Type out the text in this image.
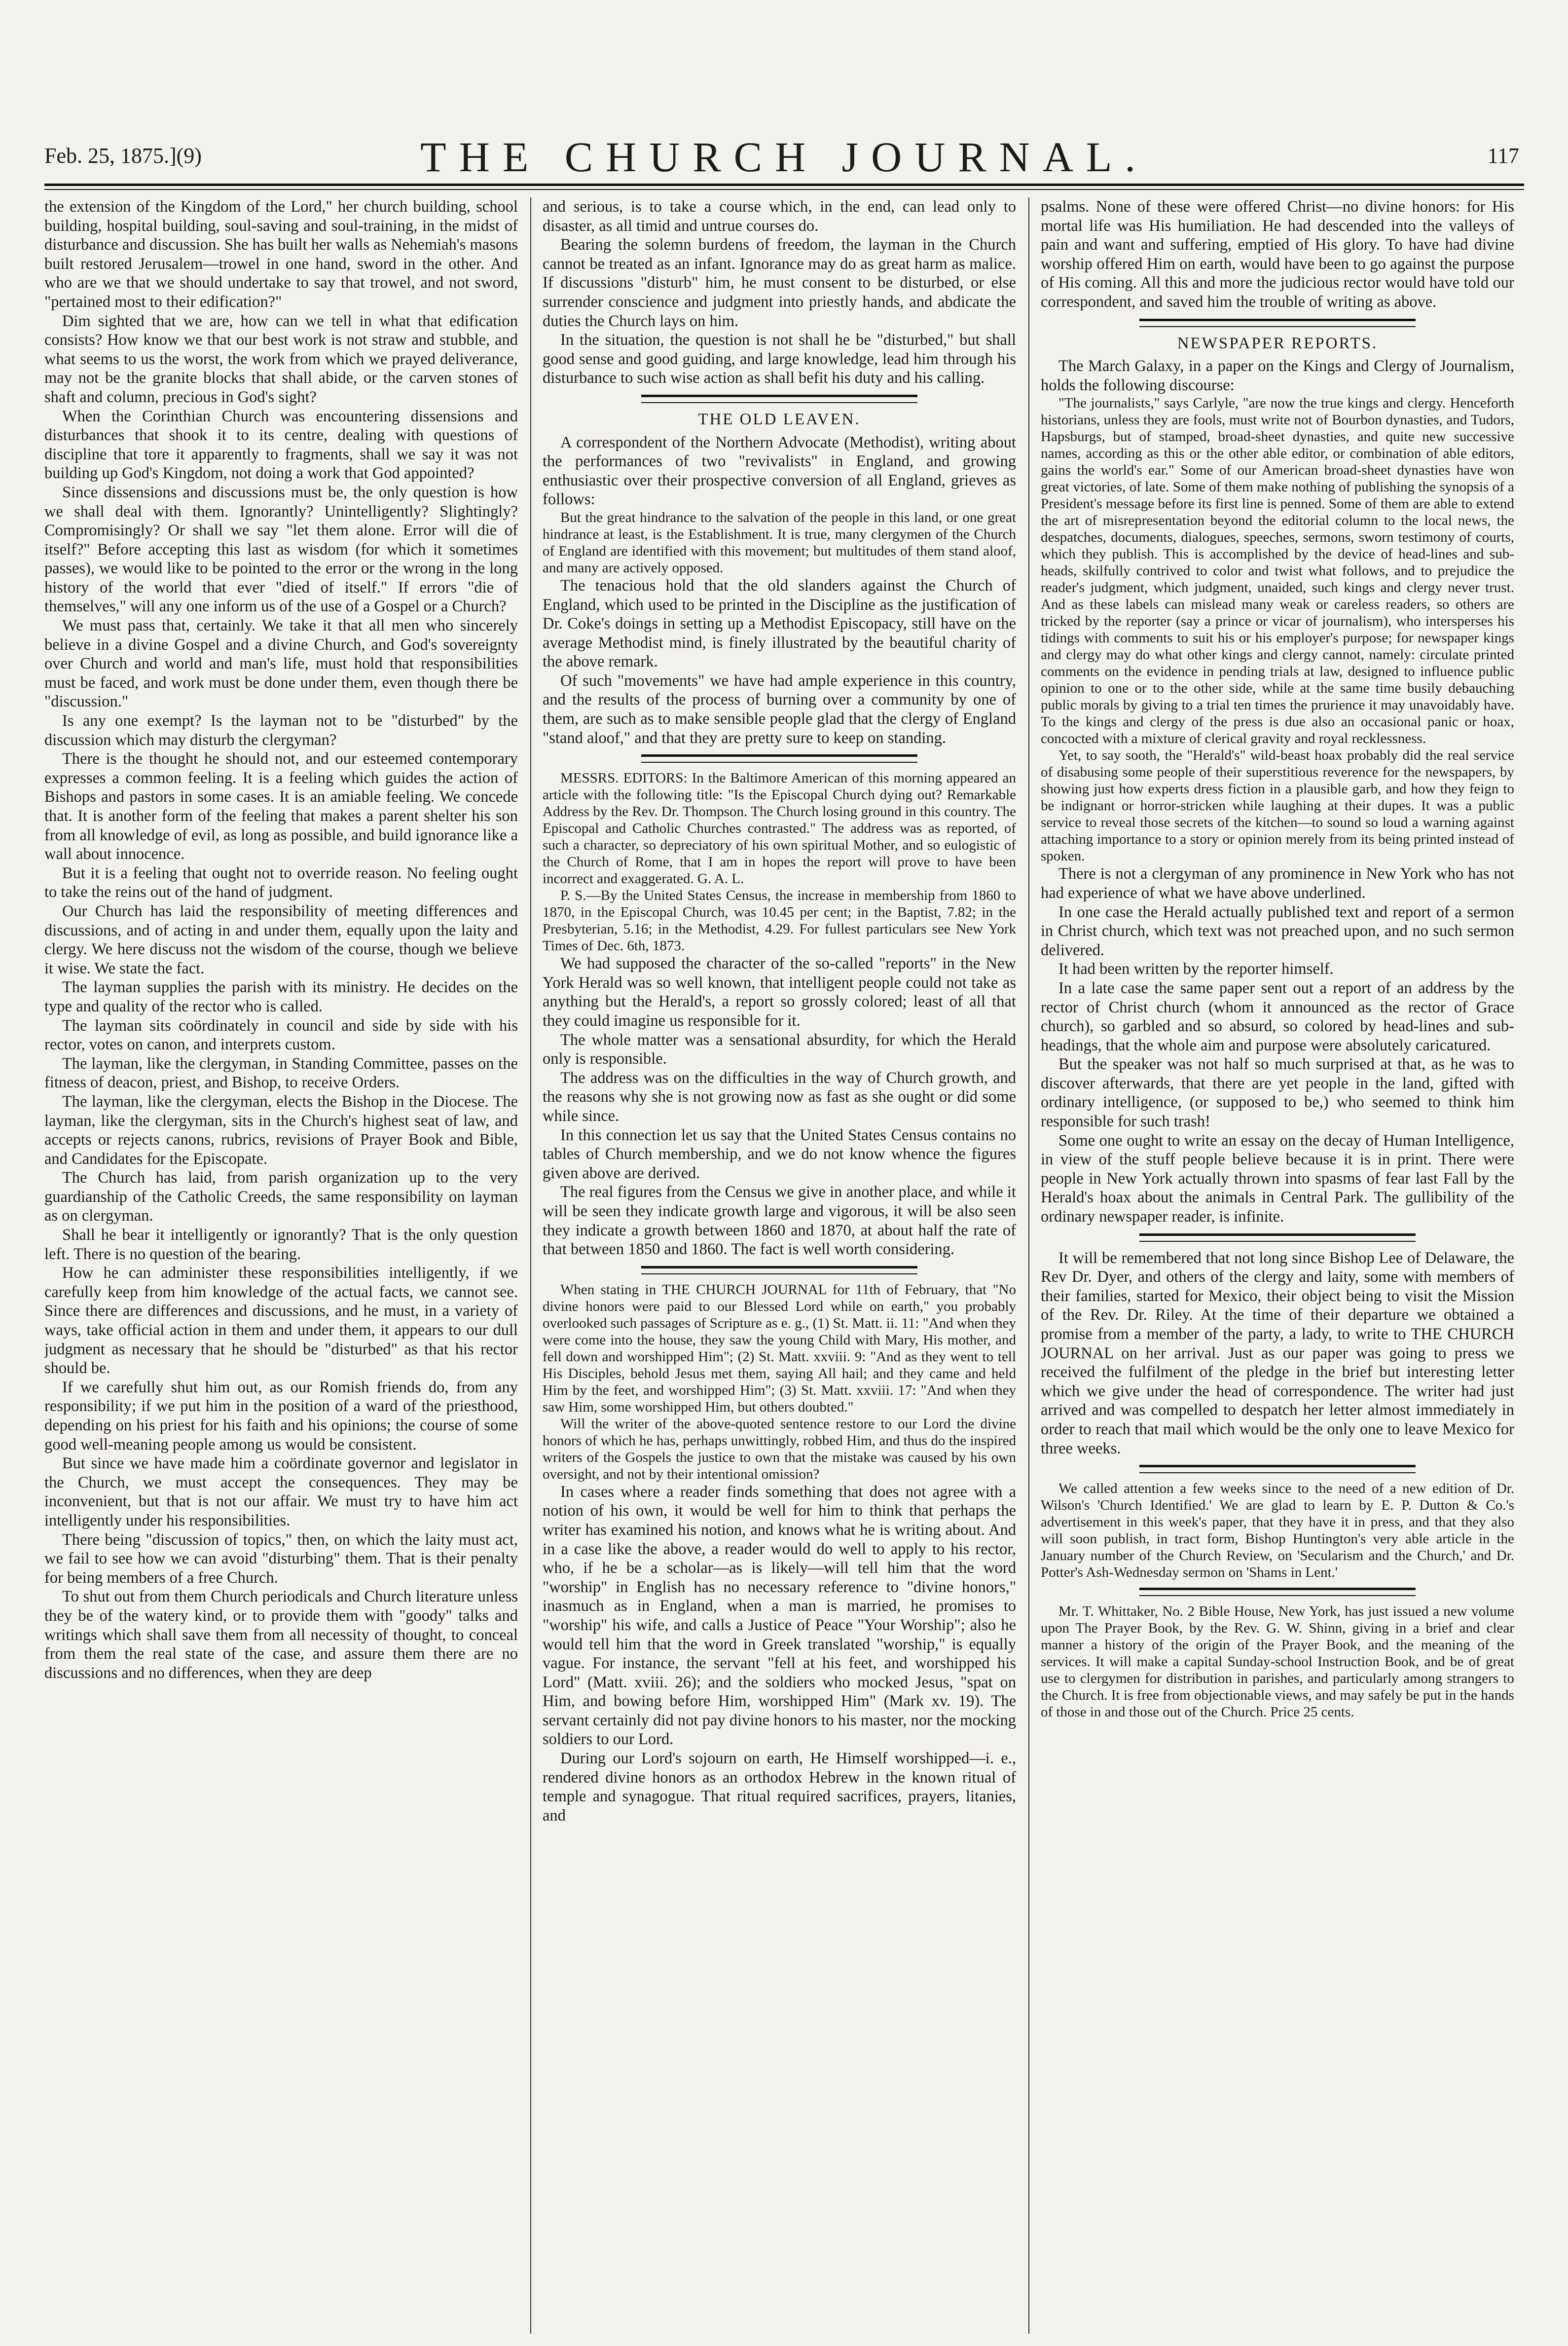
Feb. 25, 1875.](9)	THE CHURCH JOURNAL.	117

the extension of the Kingdom of the Lord," her church building, school building, hospital building, soul-saving and soul-training, in the midst of disturbance and discussion. She has built her walls as Nehemiah's masons built restored Jerusalem—trowel in one hand, sword in the other. And who are we that we should undertake to say that trowel, and not sword, "pertained most to their edification?"

Dim sighted that we are, how can we tell in what that edification consists? How know we that our best work is not straw and stubble, and what seems to us the worst, the work from which we prayed deliverance, may not be the granite blocks that shall abide, or the carven stones of shaft and column, precious in God's sight?

When the Corinthian Church was encountering dissensions and disturbances that shook it to its centre, dealing with questions of discipline that tore it apparently to fragments, shall we say it was not building up God's Kingdom, not doing a work that God appointed?

Since dissensions and discussions must be, the only question is how we shall deal with them. Ignorantly? Unintelligently? Slightingly? Compromisingly? Or shall we say "let them alone. Error will die of itself?" Before accepting this last as wisdom (for which it sometimes passes), we would like to be pointed to the error or the wrong in the long history of the world that ever "died of itself." If errors "die of themselves," will any one inform us of the use of a Gospel or a Church?

We must pass that, certainly. We take it that all men who sincerely believe in a divine Gospel and a divine Church, and God's sovereignty over Church and world and man's life, must hold that responsibilities must be faced, and work must be done under them, even though there be "discussion."

Is any one exempt? Is the layman not to be "disturbed" by the discussion which may disturb the clergyman?

There is the thought he should not, and our esteemed contemporary expresses a common feeling. It is a feeling which guides the action of Bishops and pastors in some cases. It is an amiable feeling. We concede that. It is another form of the feeling that makes a parent shelter his son from all knowledge of evil, as long as possible, and build ignorance like a wall about innocence.

But it is a feeling that ought not to override reason. No feeling ought to take the reins out of the hand of judgment.

Our Church has laid the responsibility of meeting differences and discussions, and of acting in and under them, equally upon the laity and clergy. We here discuss not the wisdom of the course, though we believe it wise. We state the fact.

The layman supplies the parish with its ministry. He decides on the type and quality of the rector who is called.

The layman sits coördinately in council and side by side with his rector, votes on canon, and interprets custom.

The layman, like the clergyman, in Standing Committee, passes on the fitness of deacon, priest, and Bishop, to receive Orders.

The layman, like the clergyman, elects the Bishop in the Diocese. The layman, like the clergyman, sits in the Church's highest seat of law, and accepts or rejects canons, rubrics, revisions of Prayer Book and Bible, and Candidates for the Episcopate.

The Church has laid, from parish organization up to the very guardianship of the Catholic Creeds, the same responsibility on layman as on clergyman.

Shall he bear it intelligently or ignorantly? That is the only question left. There is no question of the bearing.

How he can administer these responsibilities intelligently, if we carefully keep from him knowledge of the actual facts, we cannot see. Since there are differences and discussions, and he must, in a variety of ways, take official action in them and under them, it appears to our dull judgment as necessary that he should be "disturbed" as that his rector should be.

If we carefully shut him out, as our Romish friends do, from any responsibility; if we put him in the position of a ward of the priesthood, depending on his priest for his faith and his opinions; the course of some good well-meaning people among us would be consistent.

But since we have made him a coördinate governor and legislator in the Church, we must accept the consequences. They may be inconvenient, but that is not our affair. We must try to have him act intelligently under his responsibilities.

There being "discussion of topics," then, on which the laity must act, we fail to see how we can avoid "disturbing" them. That is their penalty for being members of a free Church.

To shut out from them Church periodicals and Church literature unless they be of the watery kind, or to provide them with "goody" talks and writings which shall save them from all necessity of thought, to conceal from them the real state of the case, and assure them there are no discussions and no differences, when they are deep

and serious, is to take a course which, in the end, can lead only to disaster, as all timid and untrue courses do.

Bearing the solemn burdens of freedom, the layman in the Church cannot be treated as an infant. Ignorance may do as great harm as malice. If discussions "disturb" him, he must consent to be disturbed, or else surrender conscience and judgment into priestly hands, and abdicate the duties the Church lays on him.

In the situation, the question is not shall he be "disturbed," but shall good sense and good guiding, and large knowledge, lead him through his disturbance to such wise action as shall befit his duty and his calling.

THE OLD LEAVEN.

A correspondent of the Northern Advocate (Methodist), writing about the performances of two "revivalists" in England, and growing enthusiastic over their prospective conversion of all England, grieves as follows:

But the great hindrance to the salvation of the people in this land, or one great hindrance at least, is the Establishment. It is true, many clergymen of the Church of England are identified with this movement; but multitudes of them stand aloof, and many are actively opposed.

The tenacious hold that the old slanders against the Church of England, which used to be printed in the Discipline as the justification of Dr. Coke's doings in setting up a Methodist Episcopacy, still have on the average Methodist mind, is finely illustrated by the beautiful charity of the above remark.

Of such "movements" we have had ample experience in this country, and the results of the process of burning over a community by one of them, are such as to make sensible people glad that the clergy of England "stand aloof," and that they are pretty sure to keep on standing.

MESSRS. EDITORS: In the Baltimore American of this morning appeared an article with the following title: "Is the Episcopal Church dying out? Remarkable Address by the Rev. Dr. Thompson. The Church losing ground in this country. The Episcopal and Catholic Churches contrasted." The address was as reported, of such a character, so depreciatory of his own spiritual Mother, and so eulogistic of the Church of Rome, that I am in hopes the report will prove to have been incorrect and exaggerated. G. A. L.

P. S.—By the United States Census, the increase in membership from 1860 to 1870, in the Episcopal Church, was 10.45 per cent; in the Baptist, 7.82; in the Presbyterian, 5.16; in the Methodist, 4.29. For fullest particulars see New York Times of Dec. 6th, 1873.

We had supposed the character of the so-called "reports" in the New York Herald was so well known, that intelligent people could not take as anything but the Herald's, a report so grossly colored; least of all that they could imagine us responsible for it.

The whole matter was a sensational absurdity, for which the Herald only is responsible.

The address was on the difficulties in the way of Church growth, and the reasons why she is not growing now as fast as she ought or did some while since.

In this connection let us say that the United States Census contains no tables of Church membership, and we do not know whence the figures given above are derived.

The real figures from the Census we give in another place, and while it will be seen they indicate growth large and vigorous, it will be also seen they indicate a growth between 1860 and 1870, at about half the rate of that between 1850 and 1860. The fact is well worth considering.

When stating in THE CHURCH JOURNAL for 11th of February, that "No divine honors were paid to our Blessed Lord while on earth," you probably overlooked such passages of Scripture as e. g., (1) St. Matt. ii. 11: "And when they were come into the house, they saw the young Child with Mary, His mother, and fell down and worshipped Him"; (2) St. Matt. xxviii. 9: "And as they went to tell His Disciples, behold Jesus met them, saying All hail; and they came and held Him by the feet, and worshipped Him"; (3) St. Matt. xxviii. 17: "And when they saw Him, some worshipped Him, but others doubted."

Will the writer of the above-quoted sentence restore to our Lord the divine honors of which he has, perhaps unwittingly, robbed Him, and thus do the inspired writers of the Gospels the justice to own that the mistake was caused by his own oversight, and not by their intentional omission?

In cases where a reader finds something that does not agree with a notion of his own, it would be well for him to think that perhaps the writer has examined his notion, and knows what he is writing about. And in a case like the above, a reader would do well to apply to his rector, who, if he be a scholar—as is likely—will tell him that the word "worship" in English has no necessary reference to "divine honors," inasmuch as in England, when a man is married, he promises to "worship" his wife, and calls a Justice of Peace "Your Worship"; also he would tell him that the word in Greek translated "worship," is equally vague. For instance, the servant "fell at his feet, and worshipped his Lord" (Matt. xviii. 26); and the soldiers who mocked Jesus, "spat on Him, and bowing before Him, worshipped Him" (Mark xv. 19). The servant certainly did not pay divine honors to his master, nor the mocking soldiers to our Lord.

During our Lord's sojourn on earth, He Himself worshipped—i. e., rendered divine honors as an orthodox Hebrew in the known ritual of temple and synagogue. That ritual required sacrifices, prayers, litanies, and

psalms. None of these were offered Christ—no divine honors: for His mortal life was His humiliation. He had descended into the valleys of pain and want and suffering, emptied of His glory. To have had divine worship offered Him on earth, would have been to go against the purpose of His coming. All this and more the judicious rector would have told our correspondent, and saved him the trouble of writing as above.

NEWSPAPER REPORTS.

The March Galaxy, in a paper on the Kings and Clergy of Journalism, holds the following discourse:

"The journalists," says Carlyle, "are now the true kings and clergy. Henceforth historians, unless they are fools, must write not of Bourbon dynasties, and Tudors, Hapsburgs, but of stamped, broad-sheet dynasties, and quite new successive names, according as this or the other able editor, or combination of able editors, gains the world's ear." Some of our American broad-sheet dynasties have won great victories, of late. Some of them make nothing of publishing the synopsis of a President's message before its first line is penned. Some of them are able to extend the art of misrepresentation beyond the editorial column to the local news, the despatches, documents, dialogues, speeches, sermons, sworn testimony of courts, which they publish. This is accomplished by the device of head-lines and sub-heads, skilfully contrived to color and twist what follows, and to prejudice the reader's judgment, which judgment, unaided, such kings and clergy never trust. And as these labels can mislead many weak or careless readers, so others are tricked by the reporter (say a prince or vicar of journalism), who intersperses his tidings with comments to suit his or his employer's purpose; for newspaper kings and clergy may do what other kings and clergy cannot, namely: circulate printed comments on the evidence in pending trials at law, designed to influence public opinion to one or to the other side, while at the same time busily debauching public morals by giving to a trial ten times the prurience it may unavoidably have. To the kings and clergy of the press is due also an occasional panic or hoax, concocted with a mixture of clerical gravity and royal recklessness.

Yet, to say sooth, the "Herald's" wild-beast hoax probably did the real service of disabusing some people of their superstitious reverence for the newspapers, by showing just how experts dress fiction in a plausible garb, and how they feign to be indignant or horror-stricken while laughing at their dupes. It was a public service to reveal those secrets of the kitchen—to sound so loud a warning against attaching importance to a story or opinion merely from its being printed instead of spoken.

There is not a clergyman of any prominence in New York who has not had experience of what we have above underlined.

In one case the Herald actually published text and report of a sermon in Christ church, which text was not preached upon, and no such sermon delivered.

It had been written by the reporter himself.

In a late case the same paper sent out a report of an address by the rector of Christ church (whom it announced as the rector of Grace church), so garbled and so absurd, so colored by head-lines and sub-headings, that the whole aim and purpose were absolutely caricatured.

But the speaker was not half so much surprised at that, as he was to discover afterwards, that there are yet people in the land, gifted with ordinary intelligence, (or supposed to be,) who seemed to think him responsible for such trash!

Some one ought to write an essay on the decay of Human Intelligence, in view of the stuff people believe because it is in print. There were people in New York actually thrown into spasms of fear last Fall by the Herald's hoax about the animals in Central Park. The gullibility of the ordinary newspaper reader, is infinite.

It will be remembered that not long since Bishop Lee of Delaware, the Rev Dr. Dyer, and others of the clergy and laity, some with members of their families, started for Mexico, their object being to visit the Mission of the Rev. Dr. Riley. At the time of their departure we obtained a promise from a member of the party, a lady, to write to THE CHURCH JOURNAL on her arrival. Just as our paper was going to press we received the fulfilment of the pledge in the brief but interesting letter which we give under the head of correspondence. The writer had just arrived and was compelled to despatch her letter almost immediately in order to reach that mail which would be the only one to leave Mexico for three weeks.

We called attention a few weeks since to the need of a new edition of Dr. Wilson's 'Church Identified.' We are glad to learn by E. P. Dutton & Co.'s advertisement in this week's paper, that they have it in press, and that they also will soon publish, in tract form, Bishop Huntington's very able article in the January number of the Church Review, on 'Secularism and the Church,' and Dr. Potter's Ash-Wednesday sermon on 'Shams in Lent.'

Mr. T. Whittaker, No. 2 Bible House, New York, has just issued a new volume upon The Prayer Book, by the Rev. G. W. Shinn, giving in a brief and clear manner a history of the origin of the Prayer Book, and the meaning of the services. It will make a capital Sunday-school Instruction Book, and be of great use to clergymen for distribution in parishes, and particularly among strangers to the Church. It is free from objectionable views, and may safely be put in the hands of those in and those out of the Church. Price 25 cents.
